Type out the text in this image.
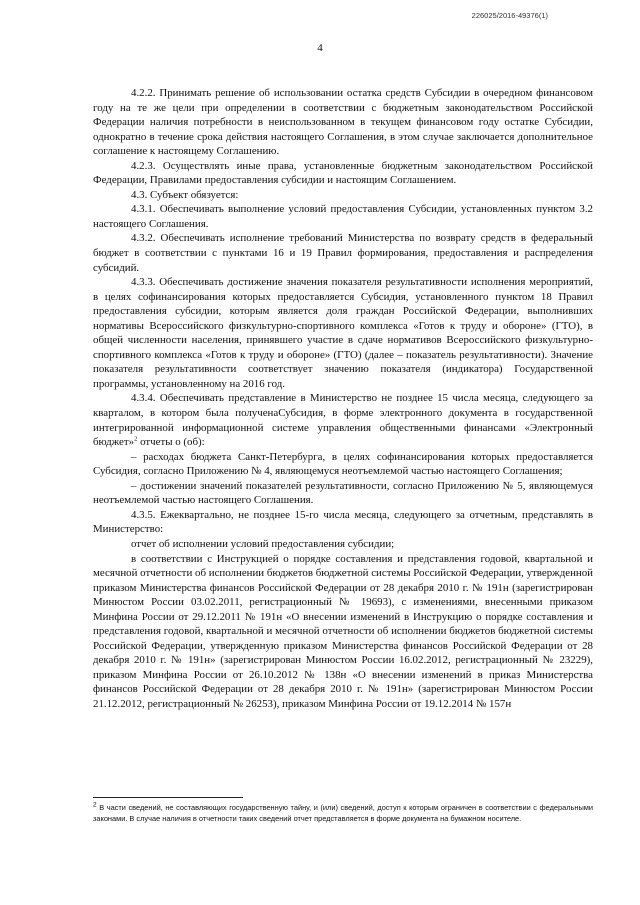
226025/2016-49376(1)
4

4.2.2. Принимать решение об использовании остатка средств Субсидии в очередном финансовом году на те же цели при определении в соответствии с бюджетным законодательством Российской Федерации наличия потребности в неиспользованном в текущем финансовом году остатке Субсидии, однократно в течение срока действия настоящего Соглашения, в этом случае заключается дополнительное соглашение к настоящему Соглашению.

4.2.3. Осуществлять иные права, установленные бюджетным законодательством Российской Федерации, Правилами предоставления субсидии и настоящим Соглашением.

4.3. Субъект обязуется:

4.3.1. Обеспечивать выполнение условий предоставления Субсидии, установленных пунктом 3.2 настоящего Соглашения.

4.3.2. Обеспечивать исполнение требований Министерства по возврату средств в федеральный бюджет в соответствии с пунктами 16 и 19 Правил формирования, предоставления и распределения субсидий.

4.3.3. Обеспечивать достижение значения показателя результативности исполнения мероприятий, в целях софинансирования которых предоставляется Субсидия, установленного пунктом 18 Правил предоставления субсидии, которым является доля граждан Российской Федерации, выполнивших нормативы Всероссийского физкультурно-спортивного комплекса «Готов к труду и обороне» (ГТО), в общей численности населения, принявшего участие в сдаче нормативов Всероссийского физкультурно-спортивного комплекса «Готов к труду и обороне» (ГТО) (далее – показатель результативности). Значение показателя результативности соответствует значению показателя (индикатора) Государственной программы, установленному на 2016 год.

4.3.4. Обеспечивать представление в Министерство не позднее 15 числа месяца, следующего за кварталом, в котором была полученаСубсидия, в форме электронного документа в государственной интегрированной информационной системе управления общественными финансами «Электронный бюджет»$^2$ отчеты о (об):

– расходах бюджета Санкт-Петербурга, в целях софинансирования которых предоставляется Субсидия, согласно Приложению № 4, являющемуся неотъемлемой частью настоящего Соглашения;

– достижении значений показателей результативности, согласно Приложению № 5, являющемуся неотъемлемой частью настоящего Соглашения.

4.3.5. Ежеквартально, не позднее 15-го числа месяца, следующего за отчетным, представлять в Министерство:

отчет об исполнении условий предоставления субсидии;

в соответствии с Инструкцией о порядке составления и представления годовой, квартальной и месячной отчетности об исполнении бюджетов бюджетной системы Российской Федерации, утвержденной приказом Министерства финансов Российской Федерации от 28 декабря 2010 г. № 191н (зарегистрирован Минюстом России 03.02.2011, регистрационный № 19693), с изменениями, внесенными приказом Минфина России от 29.12.2011 № 191н «О внесении изменений в Инструкцию о порядке составления и представления годовой, квартальной и месячной отчетности об исполнении бюджетов бюджетной системы Российской Федерации, утвержденную приказом Министерства финансов Российской Федерации от 28 декабря 2010 г. № 191н» (зарегистрирован Минюстом России 16.02.2012, регистрационный № 23229), приказом Минфина России от 26.10.2012 № 138н «О внесении изменений в приказ Министерства финансов Российской Федерации от 28 декабря 2010 г. № 191н» (зарегистрирован Минюстом России 21.12.2012, регистрационный № 26253), приказом Минфина России от 19.12.2014 № 157н

$^2$ В части сведений, не составляющих государственную тайну, и (или) сведений, доступ к которым ограничен в соответствии с федеральными законами. В случае наличия в отчетности таких сведений отчет представляется в форме документа на бумажном носителе.
